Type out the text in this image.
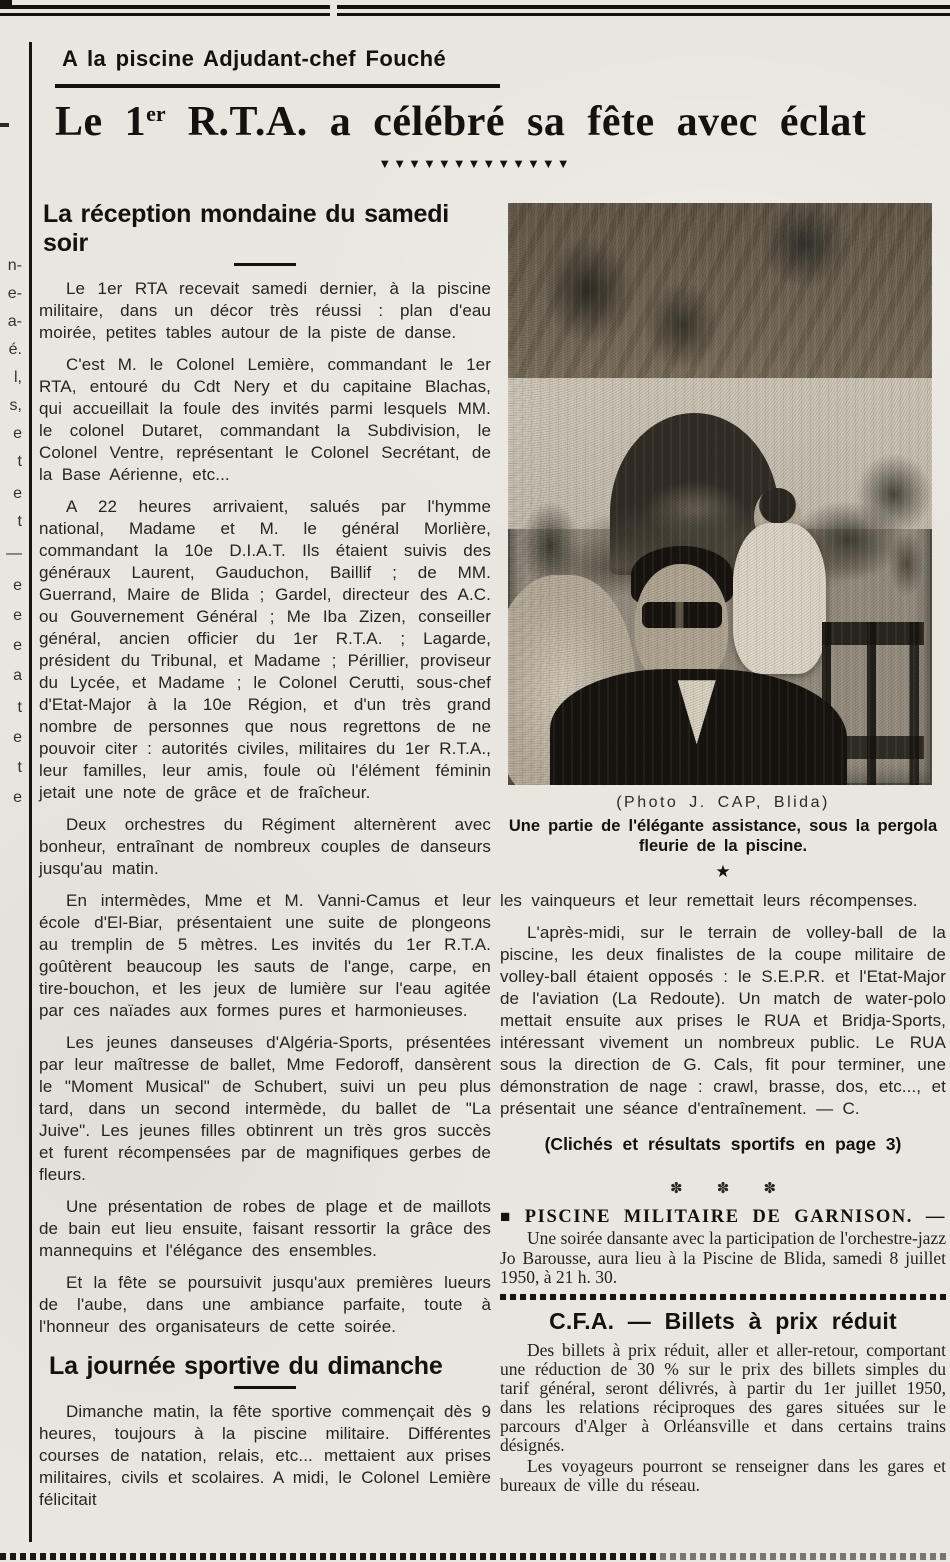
n-
e-
a-
é.
l,
s,
e
t
e
t
—
e
e
e
a
t
e
t
e
A la piscine Adjudant-chef Fouché
Le 1er R.T.A. a célébré sa fête avec éclat
▼▼▼▼▼▼▼▼▼▼▼▼▼
La réception mondaine du samedi soir

Le 1er RTA recevait samedi dernier, à la piscine militaire, dans un décor très réussi : plan d'eau moirée, petites tables autour de la piste de danse.

C'est M. le Colonel Lemière, commandant le 1er RTA, entouré du Cdt Nery et du capitaine Blachas, qui accueillait la foule des invités parmi lesquels MM. le colonel Dutaret, commandant la Subdivision, le Colonel Ventre, représentant le Colonel Secrétant, de la Base Aérienne, etc...

A 22 heures arrivaient, salués par l'hymme national, Madame et M. le général Morlière, commandant la 10e D.I.A.T. Ils étaient suivis des généraux Laurent, Gauduchon, Baillif ; de MM. Guerrand, Maire de Blida ; Gardel, directeur des A.C. ou Gouvernement Général ; Me Iba Zizen, conseiller général, ancien officier du 1er R.T.A. ; Lagarde, président du Tribunal, et Madame ; Périllier, proviseur du Lycée, et Madame ; le Colonel Cerutti, sous-chef d'Etat-Major à la 10e Région, et d'un très grand nombre de personnes que nous regrettons de ne pouvoir citer : autorités civiles, militaires du 1er R.T.A., leur familles, leur amis, foule où l'élément féminin jetait une note de grâce et de fraîcheur.

Deux orchestres du Régiment alternèrent avec bonheur, entraînant de nombreux couples de danseurs jusqu'au matin.

En intermèdes, Mme et M. Vanni-Camus et leur école d'El-Biar, présentaient une suite de plongeons au tremplin de 5 mètres. Les invités du 1er R.T.A. goûtèrent beaucoup les sauts de l'ange, carpe, en tire-bouchon, et les jeux de lumière sur l'eau agitée par ces naïades aux formes pures et harmonieuses.

Les jeunes danseuses d'Algéria-Sports, présentées par leur maîtresse de ballet, Mme Fedoroff, dansèrent le "Moment Musical" de Schubert, suivi un peu plus tard, dans un second intermède, du ballet de "La Juive". Les jeunes filles obtinrent un très gros succès et furent récompensées par de magnifiques gerbes de fleurs.

Une présentation de robes de plage et de maillots de bain eut lieu ensuite, faisant ressortir la grâce des mannequins et l'élégance des ensembles.

Et la fête se poursuivit jusqu'aux premières lueurs de l'aube, dans une ambiance parfaite, toute à l'honneur des organisateurs de cette soirée.

La journée sportive du dimanche

Dimanche matin, la fête sportive commençait dès 9 heures, toujours à la piscine militaire. Différentes courses de natation, relais, etc... mettaient aux prises militaires, civils et scolaires. A midi, le Colonel Lemière félicitait

(Photo J. CAP, Blida)
Une partie de l'élégante assistance, sous la pergola fleurie de la piscine.
★

les vainqueurs et leur remettait leurs récompenses.

L'après-midi, sur le terrain de volley-ball de la piscine, les deux finalistes de la coupe militaire de volley-ball étaient opposés : le S.E.P.R. et l'Etat-Major de l'aviation (La Redoute). Un match de water-polo mettait ensuite aux prises le RUA et Bridja-Sports, intéressant vivement un nombreux public. Le RUA sous la direction de G. Cals, fit pour terminer, une démonstration de nage : crawl, brasse, dos, etc..., et présentait une séance d'entraînement. — C.

(Clichés et résultats sportifs en page 3)
✽ ✽ ✽

■ PISCINE MILITAIRE DE GARNISON. —

Une soirée dansante avec la participation de l'orchestre-jazz Jo Barousse, aura lieu à la Piscine de Blida, samedi 8 juillet 1950, à 21 h. 30.

C.F.A. — Billets à prix réduit

Des billets à prix réduit, aller et aller-retour, comportant une réduction de 30 % sur le prix des billets simples du tarif général, seront délivrés, à partir du 1er juillet 1950, dans les relations réciproques des gares situées sur le parcours d'Alger à Orléansville et dans certains trains désignés.

Les voyageurs pourront se renseigner dans les gares et bureaux de ville du réseau.
